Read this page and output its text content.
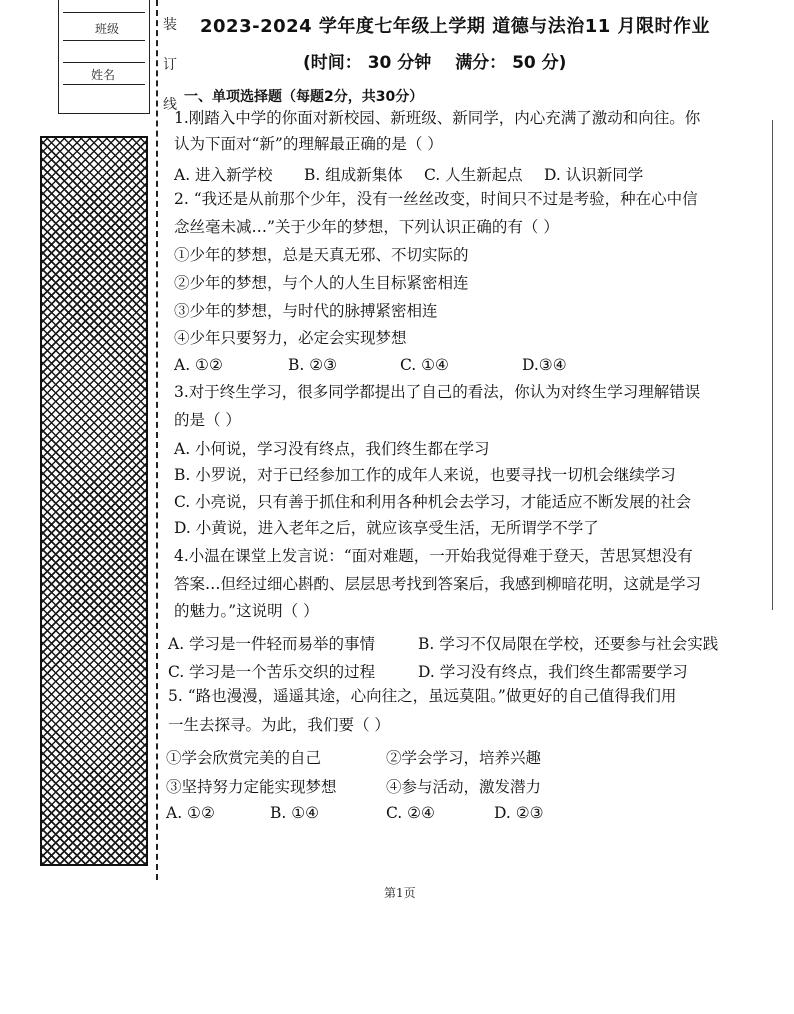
班级
姓名
装
订
线
2023-2024 学年度七年级上学期 道德与法治11 月限时作业
(时间： 30 分钟 满分： 50 分)
一、单项选择题（每题2分，共30分）
1.刚踏入中学的你面对新校园、新班级、新同学，内心充满了激动和向往。你
认为下面对“新”的理解最正确的是（ ）
A. 进入新学校 B. 组成新集体 C. 人生新起点 D. 认识新同学
2. “我还是从前那个少年，没有一丝丝改变，时间只不过是考验，种在心中信
念丝毫未减…”关于少年的梦想，下列认识正确的有（ ）
①少年的梦想，总是天真无邪、不切实际的
②少年的梦想，与个人的人生目标紧密相连
③少年的梦想，与时代的脉搏紧密相连
④少年只要努力，必定会实现梦想
A. ①②	B. ②③	C. ①④	D.③④
3.对于终生学习，很多同学都提出了自己的看法，你认为对终生学习理解错误
的是（ ）
A. 小何说，学习没有终点，我们终生都在学习
B. 小罗说，对于已经参加工作的成年人来说，也要寻找一切机会继续学习
C. 小亮说，只有善于抓住和利用各种机会去学习，才能适应不断发展的社会
D. 小黄说，进入老年之后，就应该享受生活，无所谓学不学了
4.小温在课堂上发言说：“面对难题，一开始我觉得难于登天，苦思冥想没有
答案…但经过细心斟酌、层层思考找到答案后，我感到柳暗花明，这就是学习
的魅力。”这说明（ ）
A. 学习是一件轻而易举的事情	B. 学习不仅局限在学校，还要参与社会实践
C. 学习是一个苦乐交织的过程	D. 学习没有终点，我们终生都需要学习
5. “路也漫漫，遥遥其途，心向往之，虽远莫阻。”做更好的自己值得我们用
一生去探寻。为此，我们要（ ）
①学会欣赏完美的自己	②学会学习，培养兴趣
③坚持努力定能实现梦想	④参与活动，激发潜力
A. ①②	B. ①④	C. ②④	D. ②③
第1页
